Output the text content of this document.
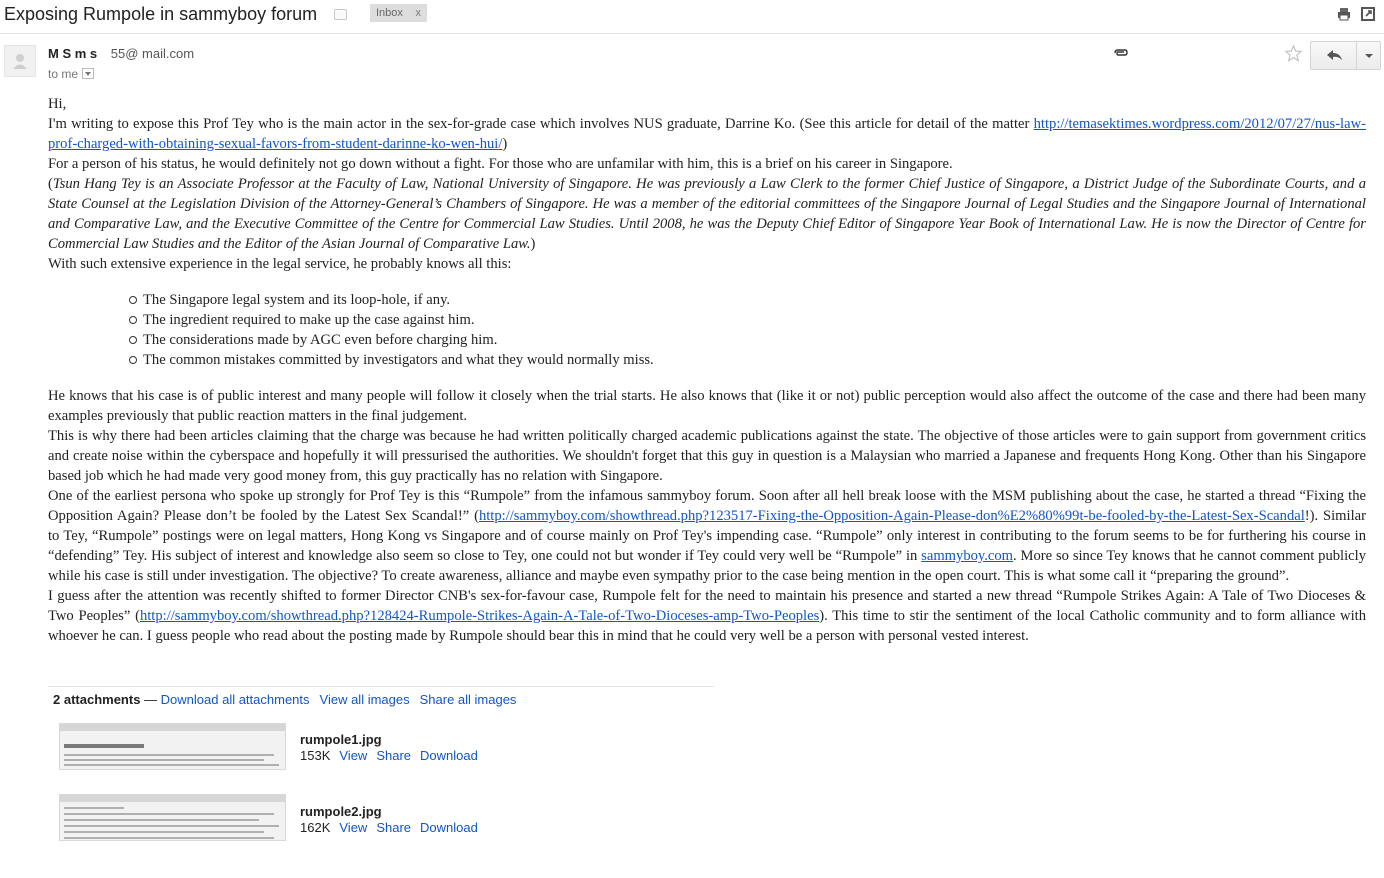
Exposing Rumpole in sammyboy forum	Inbox x
M S m s 55@ mail.com
to me

Hi,

I'm writing to expose this Prof Tey who is the main actor in the sex-for-grade case which involves NUS graduate, Darrine Ko. (See this article for detail of the matter http://temasektimes.wordpress.com/2012/07/27/nus-law-prof-charged-with-obtaining-sexual-favors-from-student-darinne-ko-wen-hui/)

For a person of his status, he would definitely not go down without a fight. For those who are unfamilar with him, this is a brief on his career in Singapore.

(Tsun Hang Tey is an Associate Professor at the Faculty of Law, National University of Singapore. He was previously a Law Clerk to the former Chief Justice of Singapore, a District Judge of the Subordinate Courts, and a State Counsel at the Legislation Division of the Attorney-General’s Chambers of Singapore. He was a member of the editorial committees of the Singapore Journal of Legal Studies and the Singapore Journal of International and Comparative Law, and the Executive Committee of the Centre for Commercial Law Studies. Until 2008, he was the Deputy Chief Editor of Singapore Year Book of International Law. He is now the Director of Centre for Commercial Law Studies and the Editor of the Asian Journal of Comparative Law.)

With such extensive experience in the legal service, he probably knows all this:

The Singapore legal system and its loop-hole, if any.
The ingredient required to make up the case against him.
The considerations made by AGC even before charging him.
The common mistakes committed by investigators and what they would normally miss.

He knows that his case is of public interest and many people will follow it closely when the trial starts. He also knows that (like it or not) public perception would also affect the outcome of the case and there had been many examples previously that public reaction matters in the final judgement.

This is why there had been articles claiming that the charge was because he had written politically charged academic publications against the state. The objective of those articles were to gain support from government critics and create noise within the cyberspace and hopefully it will pressurised the authorities. We shouldn't forget that this guy in question is a Malaysian who married a Japanese and frequents Hong Kong. Other than his Singapore based job which he had made very good money from, this guy practically has no relation with Singapore.

One of the earliest persona who spoke up strongly for Prof Tey is this “Rumpole” from the infamous sammyboy forum. Soon after all hell break loose with the MSM publishing about the case, he started a thread “Fixing the Opposition Again? Please don’t be fooled by the Latest Sex Scandal!” (http://sammyboy.com/showthread.php?123517-Fixing-the-Opposition-Again-Please-don%E2%80%99t-be-fooled-by-the-Latest-Sex-Scandal!). Similar to Tey, “Rumpole” postings were on legal matters, Hong Kong vs Singapore and of course mainly on Prof Tey's impending case. “Rumpole” only interest in contributing to the forum seems to be for furthering his course in “defending” Tey. His subject of interest and knowledge also seem so close to Tey, one could not but wonder if Tey could very well be “Rumpole” in sammyboy.com. More so since Tey knows that he cannot comment publicly while his case is still under investigation. The objective? To create awareness, alliance and maybe even sympathy prior to the case being mention in the open court. This is what some call it “preparing the ground”.

I guess after the attention was recently shifted to former Director CNB's sex-for-favour case, Rumpole felt for the need to maintain his presence and started a new thread “Rumpole Strikes Again: A Tale of Two Dioceses & Two Peoples” (http://sammyboy.com/showthread.php?128424-Rumpole-Strikes-Again-A-Tale-of-Two-Dioceses-amp-Two-Peoples). This time to stir the sentiment of the local Catholic community and to form alliance with whoever he can. I guess people who read about the posting made by Rumpole should bear this in mind that he could very well be a person with personal vested interest.

2 attachments — Download all attachments View all images Share all images
rumpole1.jpg
153K View Share Download
rumpole2.jpg
162K View Share Download
